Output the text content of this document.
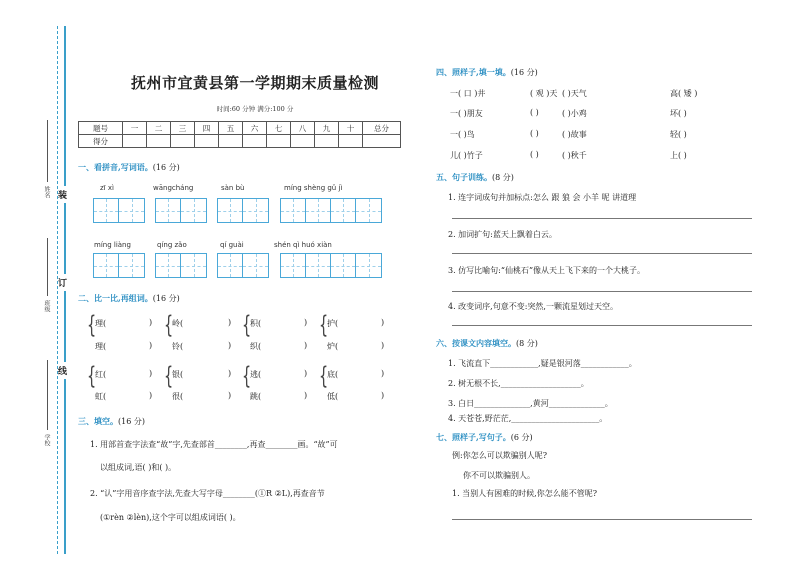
装
订
线
姓名
班级
学校
抚州市宜黄县第一学期期末质量检测
时间:60 分钟 满分:100 分
题号	一	二	三	四	五	六	七	八	九	十	总分
得分											
一、看拼音,写词语。(16 分)
zī xì	wāngcháng	sàn bù	míng shèng gǔ jì
míng liàng	qíng zǎo	qí guài	shén qì huó xiàn
二、比一比,再组词。(16 分)
{
理(	)
理(	)
{
岭(	)
铃(	)
{
积(	)
织(	)
{
护(	)
炉(	)
{
红(	)
虹(	)
{
银(	)
很(	)
{
逃(	)
跳(	)
{
底(	)
低(	)
三、填空。(16 分)
1. 用部首查字法查“故”字,先查部首________,再查________画。“故”可
以组成词,语( )和( )。
2. “认”字用音序查字法,先查大写字母________(①R ②L),再查音节
(①rèn ②lèn),这个字可以组成词语( )。
四、照样子,填一填。(16 分)
一( 口 )井	( 观 )天 ( )天气	高( 矮 )
一( )朋友	( )	( )小鸡	坏( )
一( )鸟	( )	( )故事	轻( )
儿( )竹子	( )	( )秋千	上( )
五、句子训练。(8 分)
1. 连字词成句并加标点:怎么 跟 狼 会 小羊 呢 讲道理
2. 加词扩句:蓝天上飘着白云。
3. 仿写比喻句:“仙桃石”像从天上飞下来的一个大桃子。
4. 改变词序,句意不变:突然,一颗流星划过天空。
六、按课文内容填空。(8 分)
1. 飞流直下____________,疑是银河落____________。
2. 树无根不长,____________________。
3. 白日______________,黄河______________。
4. 天苍苍,野茫茫,______________________。
七、照样子,写句子。(6 分)
例:你怎么可以欺骗别人呢?
你不可以欺骗别人。
1. 当别人有困难的时候,你怎么能不管呢?
